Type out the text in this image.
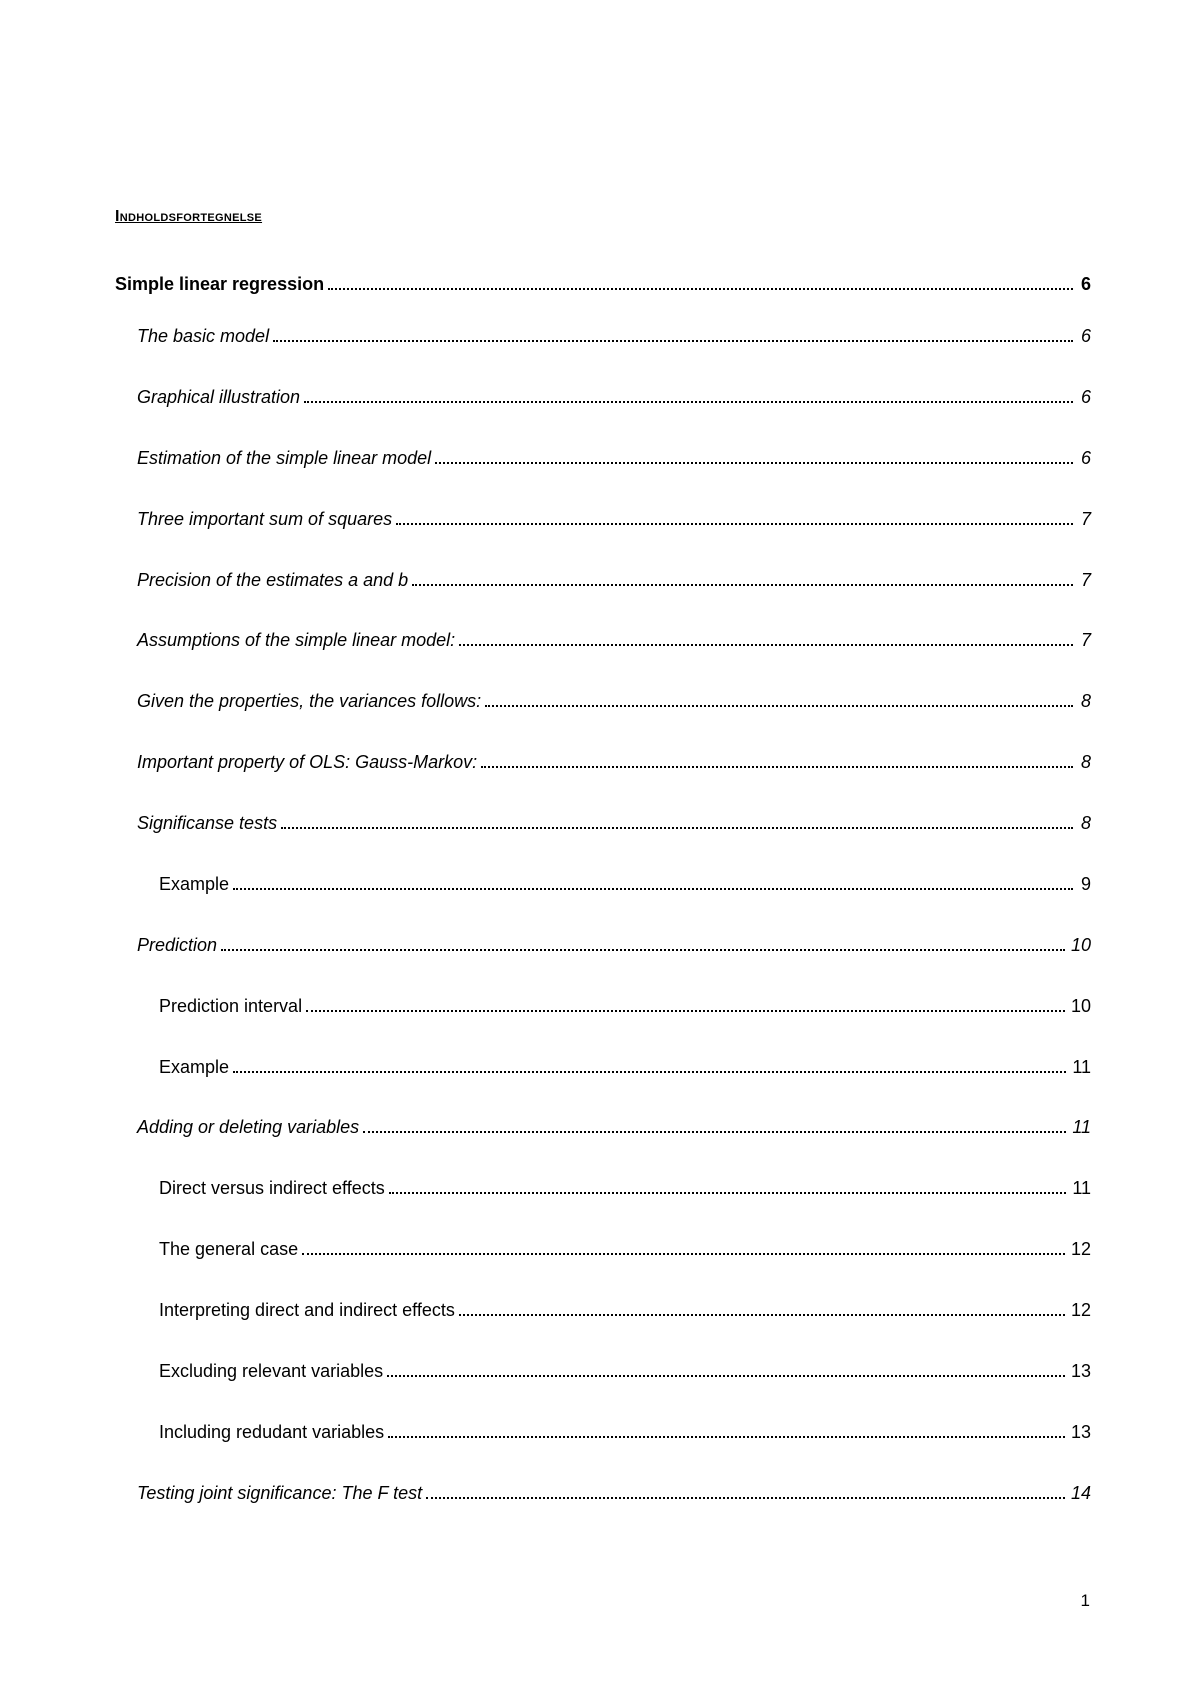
Indholdsfortegnelse
Simple linear regression	6
The basic model	6
Graphical illustration	6
Estimation of the simple linear model	6
Three important sum of squares	7
Precision of the estimates a and b	7
Assumptions of the simple linear model:	7
Given the properties, the variances follows:	8
Important property of OLS: Gauss-Markov:	8
Significanse tests	8
Example	9
Prediction	10
Prediction interval	10
Example	11
Adding or deleting variables	11
Direct versus indirect effects	11
The general case	12
Interpreting direct and indirect effects	12
Excluding relevant variables	13
Including redudant variables	13
Testing joint significance: The F test	14
1
